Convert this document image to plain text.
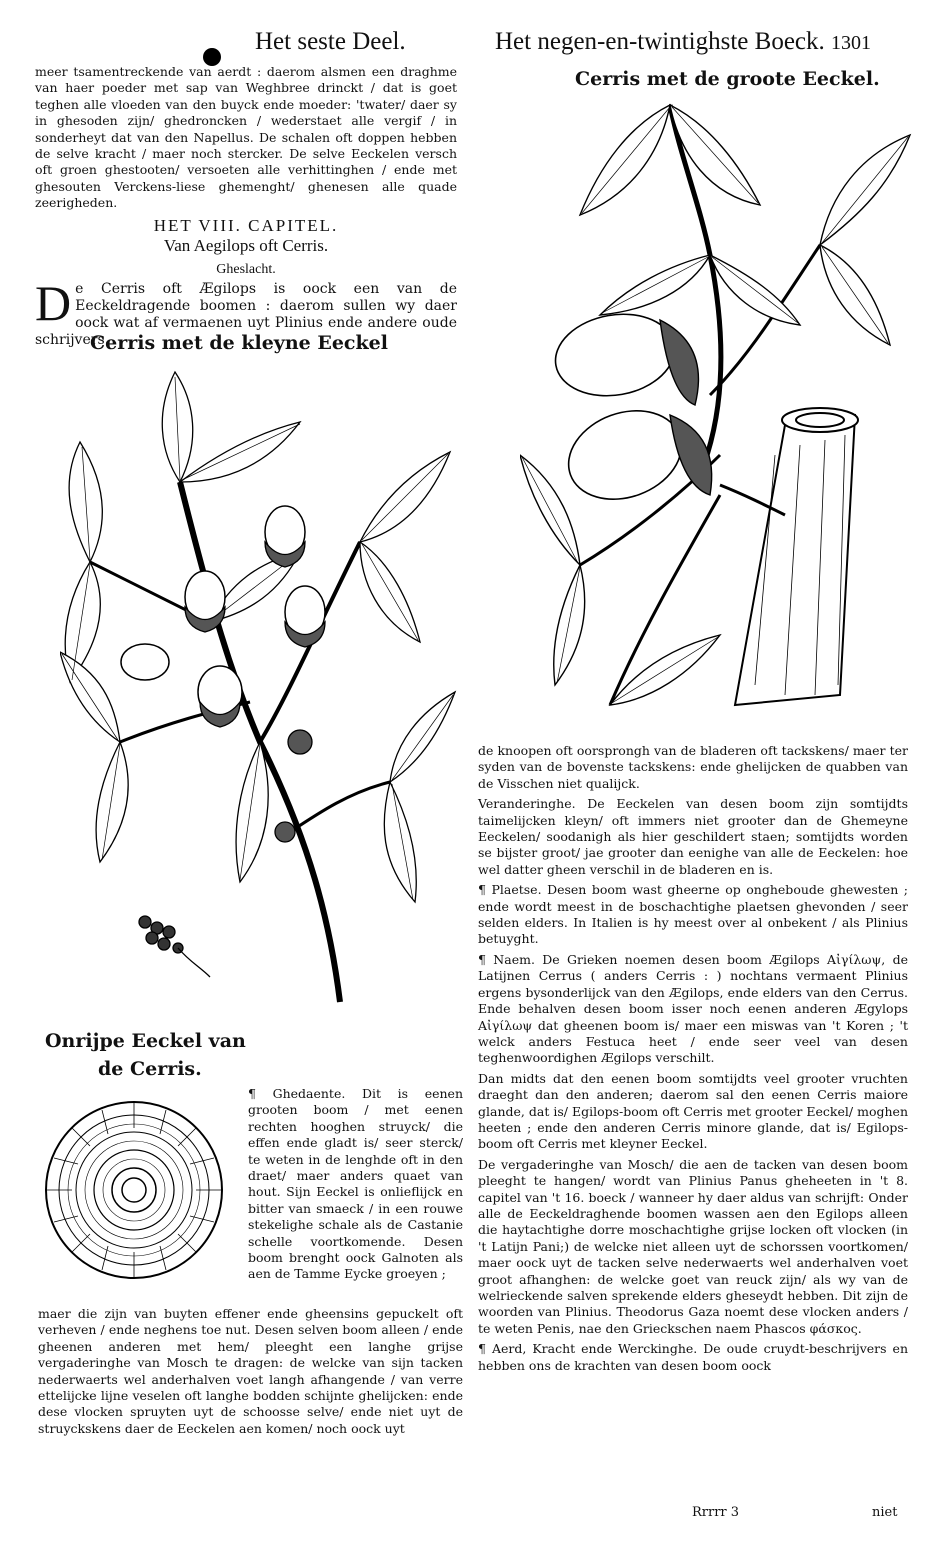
Het seste Deel.	Het negen-en-twintighste Boeck. 1301

meer tsamentreckende van aerdt : daerom alsmen een draghme van haer poeder met sap van Weghbree drinckt / dat is goet teghen alle vloeden van den buyck ende moeder: 'twater/ daer sy in ghesoden zijn/ ghedroncken / wederstaet alle vergif / in sonderheyt dat van den Napellus. De schalen oft doppen hebben de selve kracht / maer noch stercker. De selve Eeckelen versch oft groen ghestooten/ versoeten alle verhittinghen / ende met ghesouten Verckens-liese ghemenght/ ghenesen alle quade zeerigheden.

HET VIII. CAPITEL.
Van Aegilops oft Cerris.
Gheslacht.

De Cerris oft Ægilops is oock een van de Eeckeldragende boomen : daerom sullen wy daer oock wat af vermaenen uyt Plinius ende andere oude schrijvers.

Cerris met de kleyne Eeckel
Onrijpe Eeckel van
de Cerris.

¶ Ghedaente. Dit is eenen grooten boom / met eenen rechten hooghen struyck/ die effen ende gladt is/ seer sterck/ te weten in de lenghde oft in den draet/ maer anders quaet van hout. Sijn Eeckel is onlieflijck en bitter van smaeck / in een rouwe stekelighe schale als de Castanie schelle voortkomende. Desen boom brenght oock Galnoten als aen de Tamme Eycke groeyen ;

maer die zijn van buyten effener ende gheensins gepuckelt oft verheven / ende neghens toe nut. Desen selven boom alleen / ende gheenen anderen met hem/ pleeght een langhe grijse vergaderinghe van Mosch te dragen: de welcke van sijn tacken nederwaerts wel anderhalven voet langh afhangende / van verre ettelijcke lijne veselen oft langhe bodden schijnte ghelijcken: ende dese vlocken spruyten uyt de schoosse selve/ ende niet uyt de struyckskens daer de Eeckelen aen komen/ noch oock uyt

Cerris met de groote Eeckel.

de knoopen oft oorsprongh van de bladeren oft tackskens/ maer ter syden van de bovenste tackskens: ende ghelijcken de quabben van de Visschen niet qualijck.

Veranderinghe. De Eeckelen van desen boom zijn somtijdts taimelijcken kleyn/ oft immers niet grooter dan de Ghemeyne Eeckelen/ soodanigh als hier geschildert staen; somtijdts worden se bijster groot/ jae grooter dan eenighe van alle de Eeckelen: hoe wel datter gheen verschil in de bladeren en is.

¶ Plaetse. Desen boom wast gheerne op ongheboude ghewesten ; ende wordt meest in de boschachtighe plaetsen ghevonden / seer selden elders. In Italien is hy meest over al onbekent / als Plinius betuyght.

¶ Naem. De Grieken noemen desen boom Ægilops Αἰγίλωψ, de Latijnen Cerrus ( anders Cerris : ) nochtans vermaent Plinius ergens bysonderlijck van den Ægilops, ende elders van den Cerrus. Ende behalven desen boom isser noch eenen anderen Ægylops Αἰγίλωψ dat gheenen boom is/ maer een miswas van 't Koren ; 't welck anders Festuca heet / ende seer veel van desen teghenwoordighen Ægilops verschilt.

Dan midts dat den eenen boom somtijdts veel grooter vruchten draeght dan den anderen; daerom sal den eenen Cerris maiore glande, dat is/ Egilops-boom oft Cerris met grooter Eeckel/ moghen heeten ; ende den anderen Cerris minore glande, dat is/ Egilops-boom oft Cerris met kleyner Eeckel.

De vergaderinghe van Mosch/ die aen de tacken van desen boom pleeght te hangen/ wordt van Plinius Panus gheheeten in 't 8. capitel van 't 16. boeck / wanneer hy daer aldus van schrijft: Onder alle de Eeckeldraghende boomen wassen aen den Egilops alleen die haytachtighe dorre moschachtighe grijse locken oft vlocken (in 't Latijn Pani;) de welcke niet alleen uyt de schorssen voortkomen/ maer oock uyt de tacken selve nederwaerts wel anderhalven voet groot afhanghen: de welcke goet van reuck zijn/ als wy van de welrieckende salven sprekende elders gheseydt hebben. Dit zijn de woorden van Plinius. Theodorus Gaza noemt dese vlocken anders / te weten Penis, nae den Grieckschen naem Phascos φάσκος.

¶ Aerd, Kracht ende Werckinghe. De oude cruydt-beschrijvers en hebben ons de krachten van desen boom oock

Rrrrr 3	niet
